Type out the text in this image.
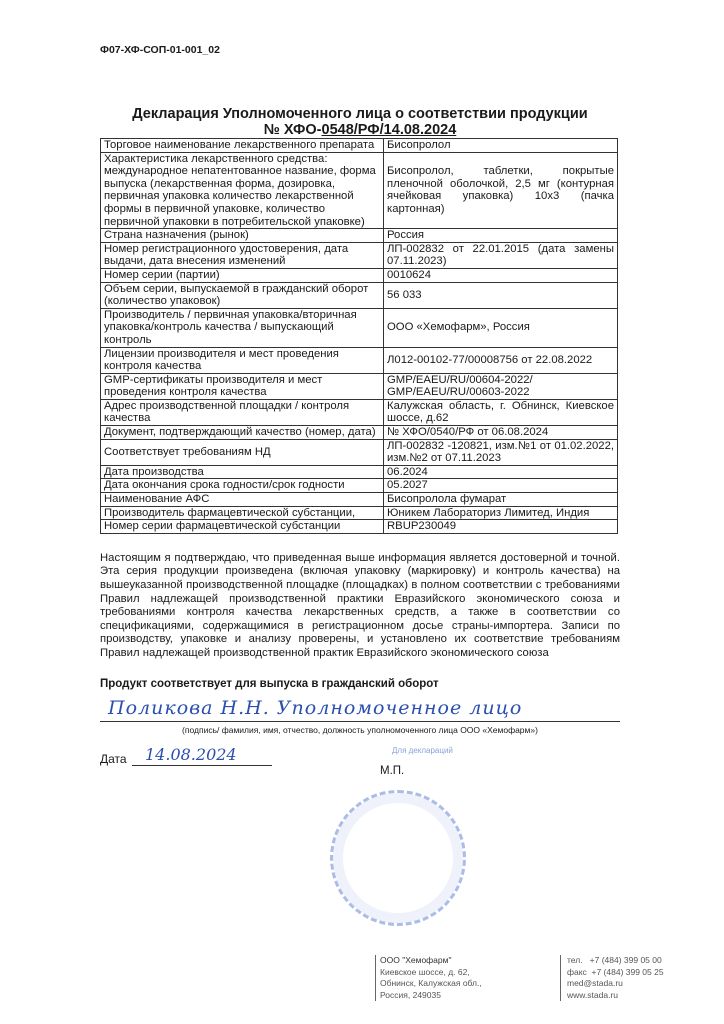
Ф07-ХФ-СОП-01-001_02
Декларация Уполномоченного лица о соответствии продукции
№ ХФО-0548/РФ/14.08.2024
Торговое наименование лекарственного препарата	Бисопролол
Характеристика лекарственного средства: международное непатентованное название, форма выпуска (лекарственная форма, дозировка, первичная упаковка количество лекарственной формы в первичной упаковке, количество первичной упаковки в потребительской упаковке)	Бисопролол, таблетки, покрытые пленочной оболочкой, 2,5 мг (контурная ячейковая упаковка) 10х3 (пачка картонная)
Страна назначения (рынок)	Россия
Номер регистрационного удостоверения, дата выдачи, дата внесения изменений	ЛП-002832 от 22.01.2015 (дата замены 07.11.2023)
Номер серии (партии)	0010624
Объем серии, выпускаемой в гражданский оборот (количество упаковок)	56 033
Производитель / первичная упаковка/вторичная упаковка/контроль качества / выпускающий контроль	ООО «Хемофарм», Россия
Лицензии производителя и мест проведения контроля качества	Л012-00102-77/00008756 от 22.08.2022
GMP-сертификаты производителя и мест проведения контроля качества	GMP/EAEU/RU/00604-2022/ GMP/EAEU/RU/00603-2022
Адрес производственной площадки / контроля качества	Калужская область, г. Обнинск, Киевское шоссе, д.62
Документ, подтверждающий качество (номер, дата)	№ ХФО/0540/РФ от 06.08.2024
Соответствует требованиям НД	ЛП-002832 -120821, изм.№1 от 01.02.2022, изм.№2 от 07.11.2023
Дата производства	06.2024
Дата окончания срока годности/срок годности	05.2027
Наименование АФС	Бисопролола фумарат
Производитель фармацевтической субстанции,	Юникем Лабораториз Лимитед, Индия
Номер серии фармацевтической субстанции	RBUP230049
Настоящим я подтверждаю, что приведенная выше информация является достоверной и точной. Эта серия продукции произведена (включая упаковку (маркировку) и контроль качества) на вышеуказанной производственной площадке (площадках) в полном соответствии с требованиями Правил надлежащей производственной практики Евразийского экономического союза и требованиями контроля качества лекарственных средств, а также в соответствии со спецификациями, содержащимися в регистрационном досье страны-импортера. Записи по производству, упаковке и анализу проверены, и установлено их соответствие требованиям Правил надлежащей производственной практик Евразийского экономического союза
Продукт соответствует для выпуска в гражданский оборот
Поликова Н.Н. Уполномоченное лицо
(подпись/ фамилия, имя, отчество, должность уполномоченного лица ООО «Хемофарм»)
Дата 14.08.2024	Для деклараций
М.П.
ООО "Хемофарм"
Киевское шоссе, д. 62,
Обнинск, Калужская обл.,
Россия, 249035
тел.   +7 (484) 399 05 00
факс  +7 (484) 399 05 25
med@stada.ru
www.stada.ru
